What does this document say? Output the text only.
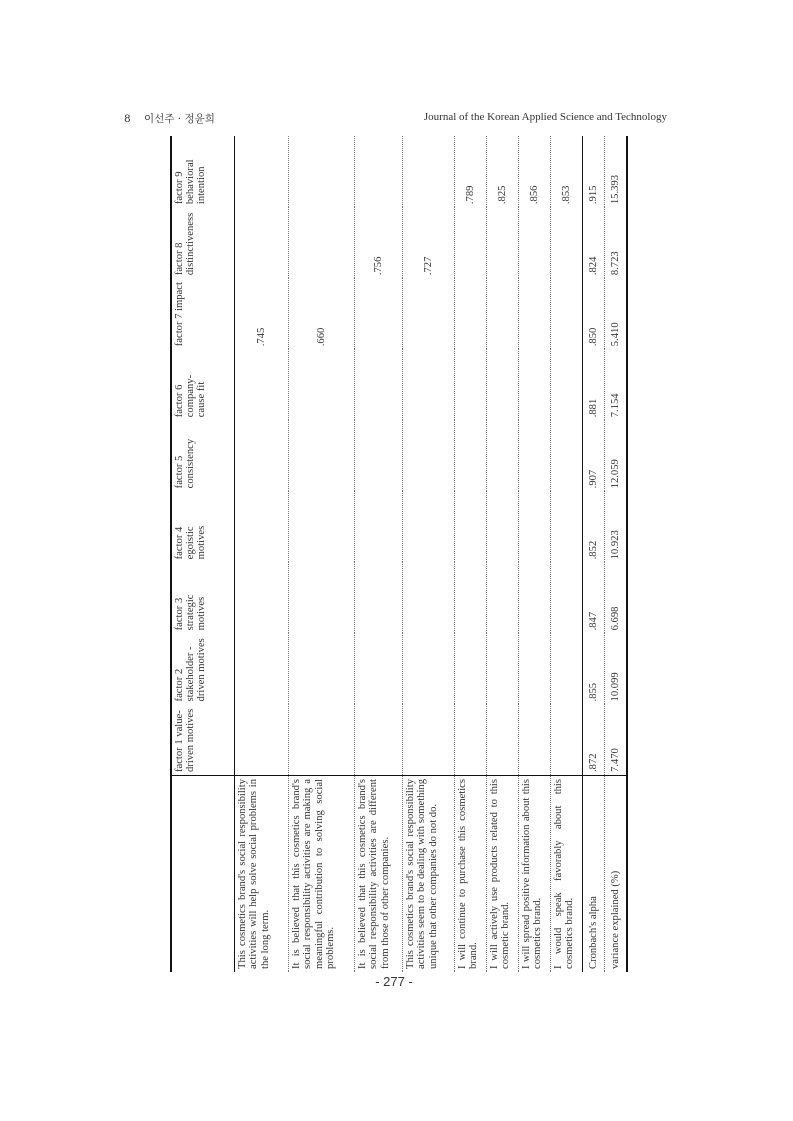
8 이선주 · 정윤희	Journal of the Korean Applied Science and Technology
	factor 1 value-driven motives	factor 2 stakeholder -driven motives	factor 3 strategic motives	factor 4 egoistic motives	factor 5 consistency	factor 6 company-cause fit	factor 7 impact	factor 8 distinctiveness	factor 9 behavioral intention
This cosmetics brand's social responsibility activities will help solve social problems in the long term.							.745		
It is believed that this cosmetics brand's social responsibility activities are making a meaningful contribution to solving social problems.							.660		
It is believed that this cosmetics brand's social responsibility activities are different from those of other companies.								.756	
This cosmetics brand's social responsibility activities seem to be dealing with something unique that other companies do not do.								.727	
I will continue to purchase this cosmetics brand.									.789
I will actively use products related to this cosmetic brand.									.825
I will spread positive information about this cosmetics brand.									.856
I would speak favorably about this cosmetics brand.									.853
Cronbach's alpha	.872	.855	.847	.852	.907	.881	.850	.824	.915
variance explained (%)	7.470	10.099	6.698	10.923	12.059	7.154	5.410	8.723	15.393
- 277 -
